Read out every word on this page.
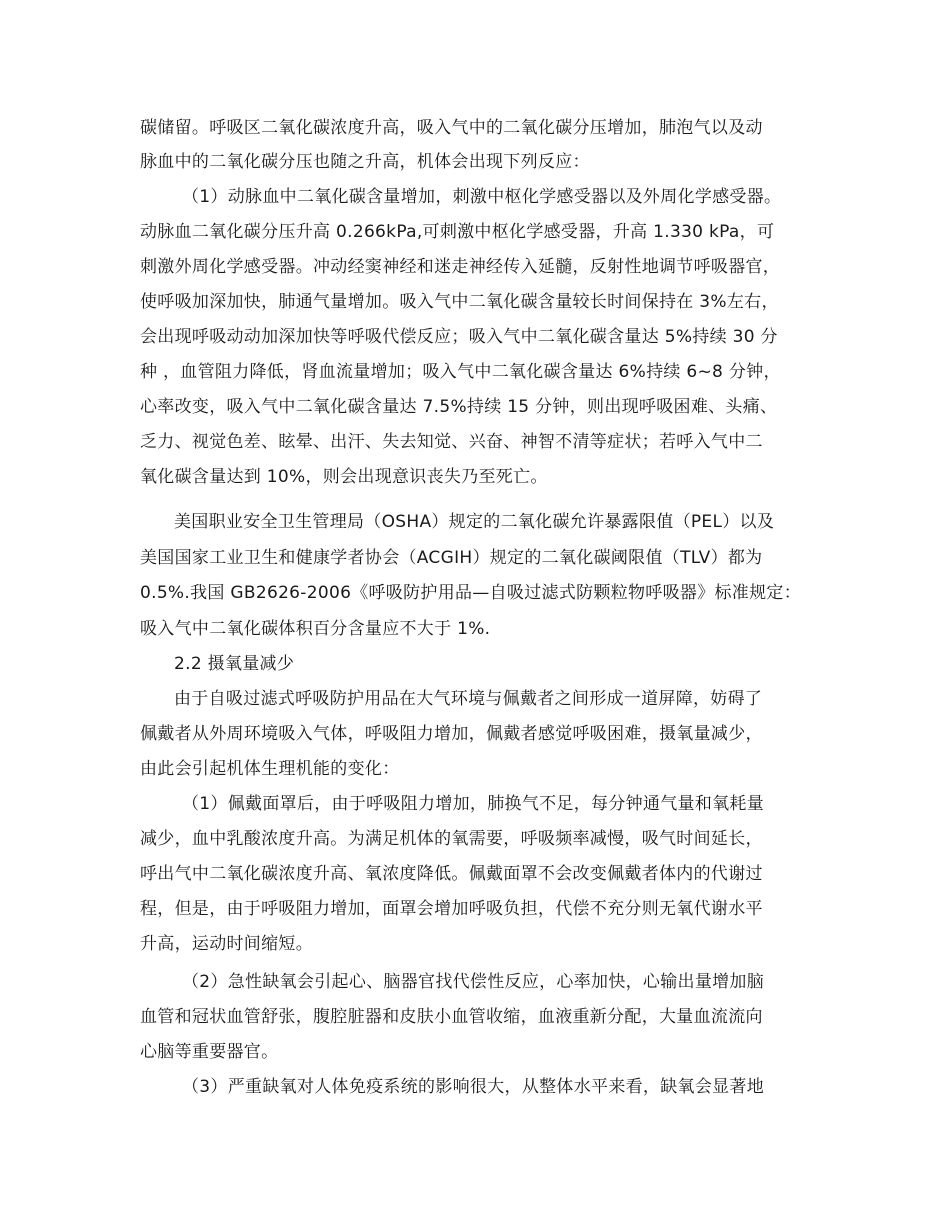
碳储留。呼吸区二氧化碳浓度升高，吸入气中的二氧化碳分压增加，肺泡气以及动
脉血中的二氧化碳分压也随之升高，机体会出现下列反应：
（1）动脉血中二氧化碳含量增加，刺激中枢化学感受器以及外周化学感受器。
动脉血二氧化碳分压升高 0.266kPa,可刺激中枢化学感受器，升高 1.330 kPa，可
刺激外周化学感受器。冲动经窦神经和迷走神经传入延髓，反射性地调节呼吸器官，
使呼吸加深加快，肺通气量增加。吸入气中二氧化碳含量较长时间保持在 3%左右，
会出现呼吸动动加深加快等呼吸代偿反应；吸入气中二氧化碳含量达 5%持续 30 分
种 ，血管阻力降低，肾血流量增加；吸入气中二氧化碳含量达 6%持续 6~8 分钟，
心率改变，吸入气中二氧化碳含量达 7.5%持续 15 分钟，则出现呼吸困难、头痛、
乏力、视觉色差、眩晕、出汗、失去知觉、兴奋、神智不清等症状；若呼入气中二
氧化碳含量达到 10%，则会出现意识丧失乃至死亡。
美国职业安全卫生管理局（OSHA）规定的二氧化碳允许暴露限值（PEL）以及
美国国家工业卫生和健康学者协会（ACGIH）规定的二氧化碳阈限值（TLV）都为
0.5%.我国 GB2626-2006《呼吸防护用品—自吸过滤式防颗粒物呼吸器》标准规定：
吸入气中二氧化碳体积百分含量应不大于 1%.
2.2 摄氧量减少
由于自吸过滤式呼吸防护用品在大气环境与佩戴者之间形成一道屏障，妨碍了
佩戴者从外周环境吸入气体，呼吸阻力增加，佩戴者感觉呼吸困难，摄氧量减少，
由此会引起机体生理机能的变化：
（1）佩戴面罩后，由于呼吸阻力增加，肺换气不足，每分钟通气量和氧耗量
减少，血中乳酸浓度升高。为满足机体的氧需要，呼吸频率减慢，吸气时间延长，
呼出气中二氧化碳浓度升高、氧浓度降低。佩戴面罩不会改变佩戴者体内的代谢过
程，但是，由于呼吸阻力增加，面罩会增加呼吸负担，代偿不充分则无氧代谢水平
升高，运动时间缩短。
（2）急性缺氧会引起心、脑器官找代偿性反应，心率加快，心输出量增加脑
血管和冠状血管舒张，腹腔脏器和皮肤小血管收缩，血液重新分配，大量血流流向
心脑等重要器官。
（3）严重缺氧对人体免疫系统的影响很大，从整体水平来看，缺氧会显著地
